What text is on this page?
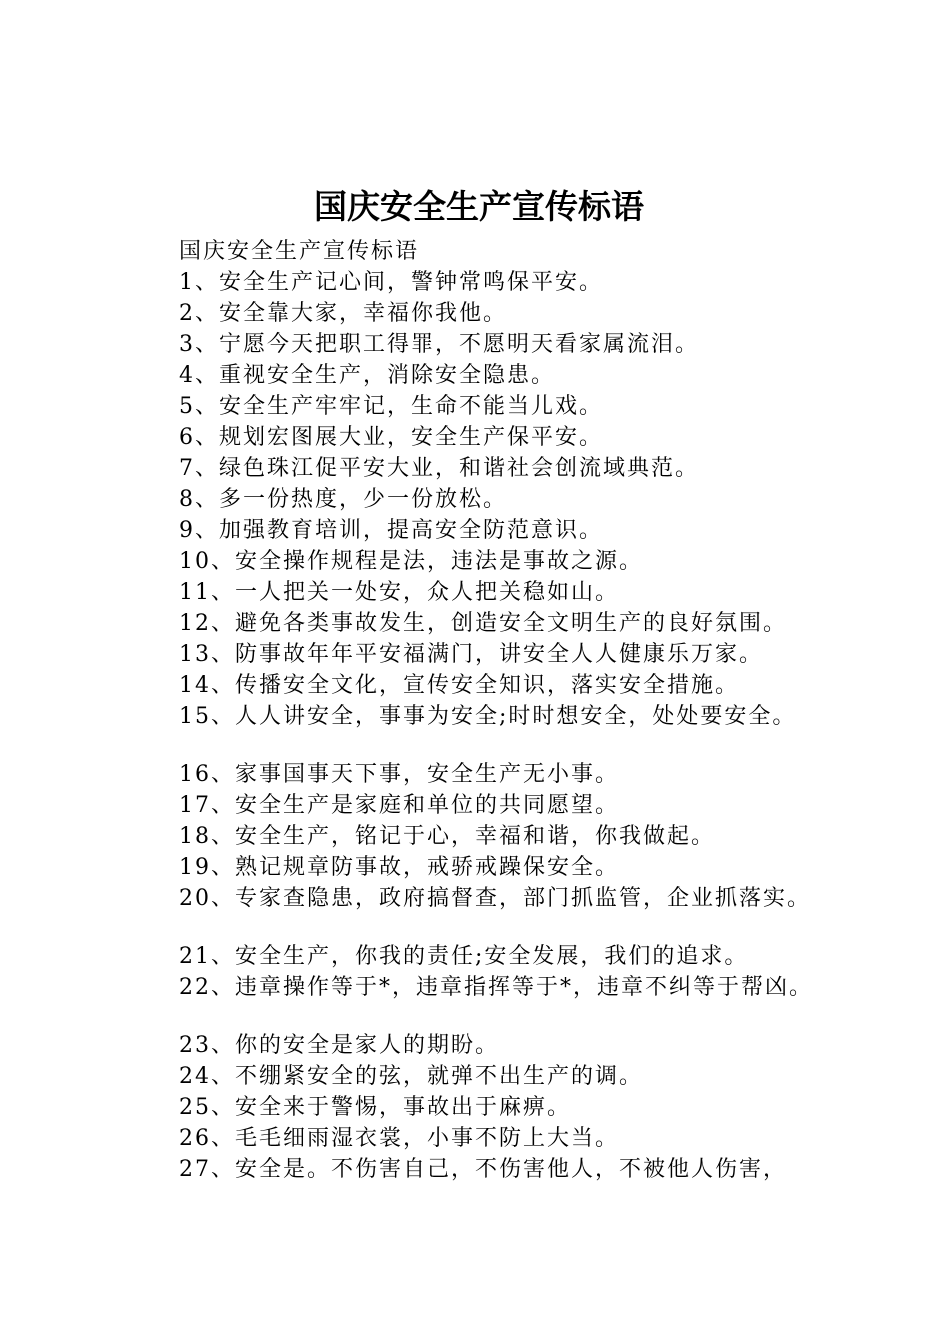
国庆安全生产宣传标语
国庆安全生产宣传标语
1、安全生产记心间，警钟常鸣保平安。
2、安全靠大家，幸福你我他。
3、宁愿今天把职工得罪，不愿明天看家属流泪。
4、重视安全生产，消除安全隐患。
5、安全生产牢牢记，生命不能当儿戏。
6、规划宏图展大业，安全生产保平安。
7、绿色珠江促平安大业，和谐社会创流域典范。
8、多一份热度，少一份放松。
9、加强教育培训，提高安全防范意识。
10、安全操作规程是法，违法是事故之源。
11、一人把关一处安，众人把关稳如山。
12、避免各类事故发生，创造安全文明生产的良好氛围。
13、防事故年年平安福满门，讲安全人人健康乐万家。
14、传播安全文化，宣传安全知识，落实安全措施。
15、人人讲安全，事事为安全;时时想安全，处处要安全。
16、家事国事天下事，安全生产无小事。
17、安全生产是家庭和单位的共同愿望。
18、安全生产，铭记于心，幸福和谐，你我做起。
19、熟记规章防事故，戒骄戒躁保安全。
20、专家查隐患，政府搞督查，部门抓监管，企业抓落实。
21、安全生产，你我的责任;安全发展，我们的追求。
22、违章操作等于*，违章指挥等于*，违章不纠等于帮凶。
23、你的安全是家人的期盼。
24、不绷紧安全的弦，就弹不出生产的调。
25、安全来于警惕，事故出于麻痹。
26、毛毛细雨湿衣裳，小事不防上大当。
27、安全是。不伤害自己，不伤害他人，不被他人伤害，
